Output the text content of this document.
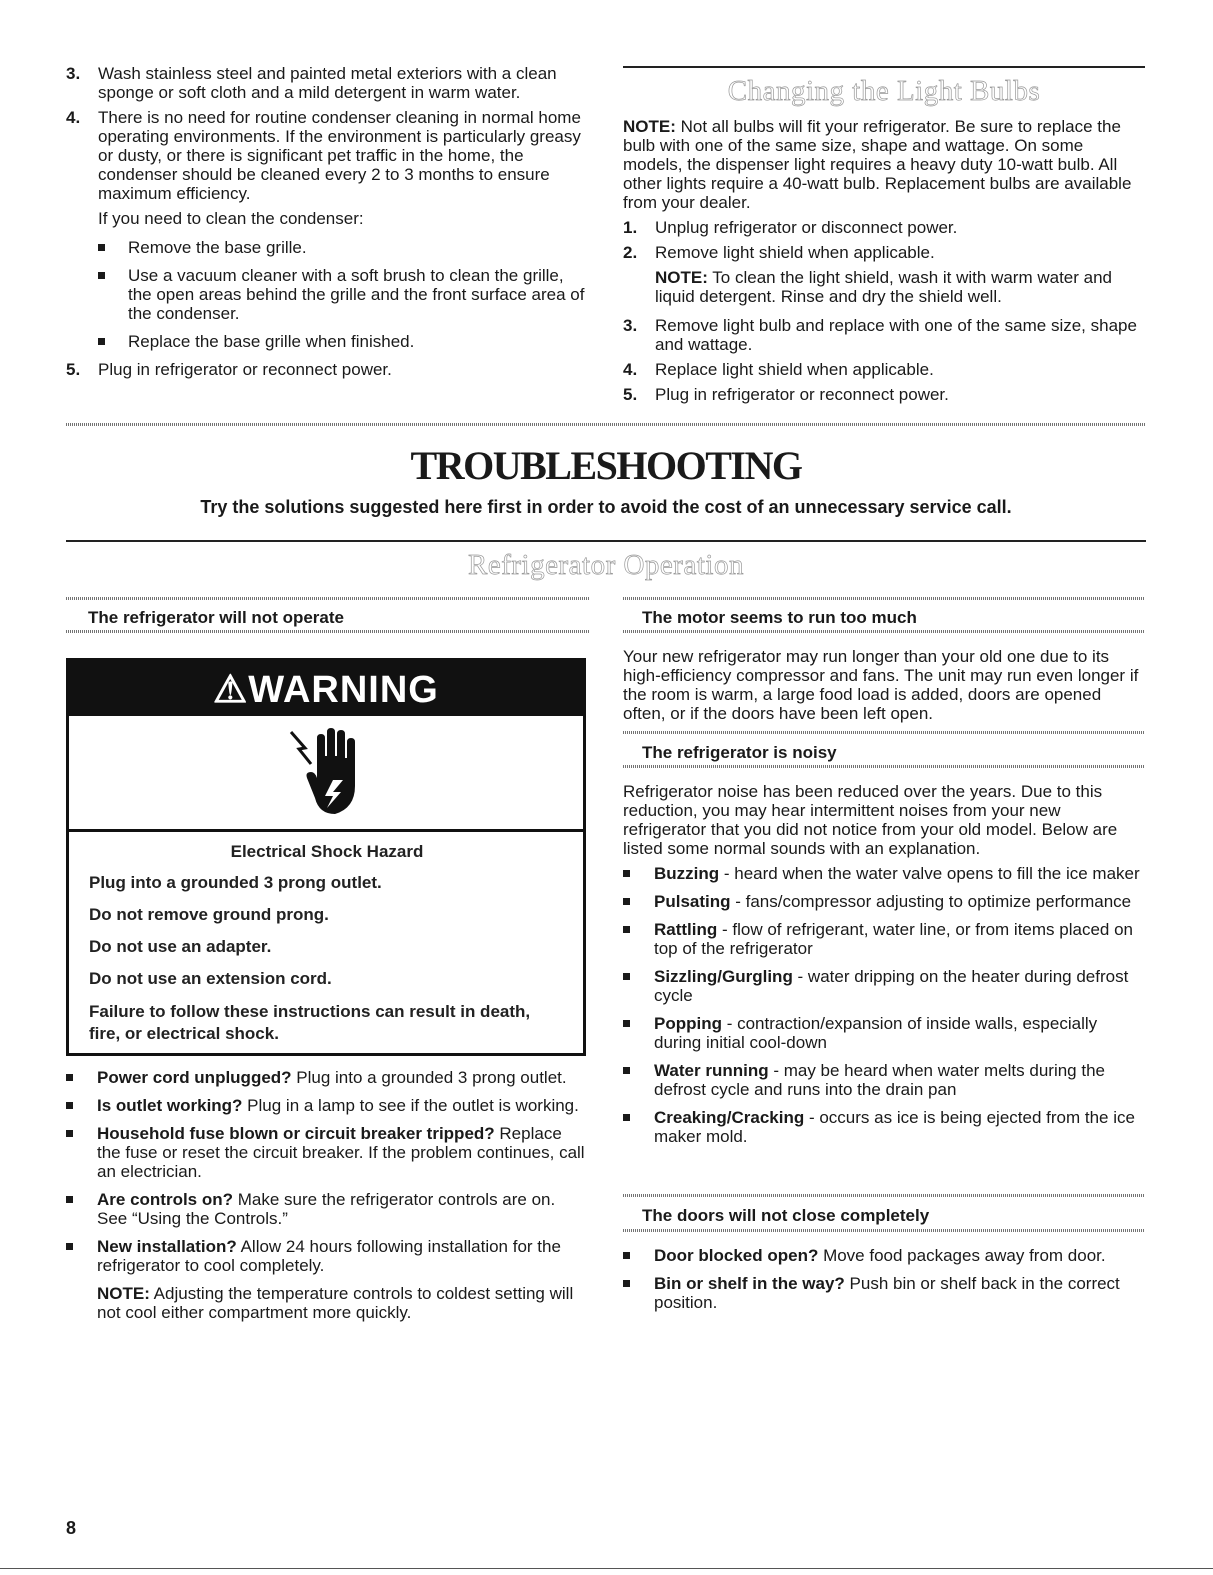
3. Wash stainless steel and painted metal exteriors with a clean sponge or soft cloth and a mild detergent in warm water.
4. There is no need for routine condenser cleaning in normal home operating environments. If the environment is particularly greasy or dusty, or there is significant pet traffic in the home, the condenser should be cleaned every 2 to 3 months to ensure maximum efficiency.

If you need to clean the condenser:

Remove the base grille.
Use a vacuum cleaner with a soft brush to clean the grille, the open areas behind the grille and the front surface area of the condenser.
Replace the base grille when finished.
5. Plug in refrigerator or reconnect power.
Changing the Light Bulbs

NOTE: Not all bulbs will fit your refrigerator. Be sure to replace the bulb with one of the same size, shape and wattage. On some models, the dispenser light requires a heavy duty 10-watt bulb. All other lights require a 40-watt bulb. Replacement bulbs are available from your dealer.

1. Unplug refrigerator or disconnect power.
2. Remove light shield when applicable.

NOTE: To clean the light shield, wash it with warm water and liquid detergent. Rinse and dry the shield well.

3. Remove light bulb and replace with one of the same size, shape and wattage.
4. Replace light shield when applicable.
5. Plug in refrigerator or reconnect power.
TROUBLESHOOTING
Try the solutions suggested here first in order to avoid the cost of an unnecessary service call.
Refrigerator Operation
The refrigerator will not operate
⚠WARNING
Electrical Shock Hazard
Plug into a grounded 3 prong outlet.
Do not remove ground prong.
Do not use an adapter.
Do not use an extension cord.
Failure to follow these instructions can result in death, fire, or electrical shock.
Power cord unplugged? Plug into a grounded 3 prong outlet.
Is outlet working? Plug in a lamp to see if the outlet is working.
Household fuse blown or circuit breaker tripped? Replace the fuse or reset the circuit breaker. If the problem continues, call an electrician.
Are controls on? Make sure the refrigerator controls are on. See “Using the Controls.”
New installation? Allow 24 hours following installation for the refrigerator to cool completely.

NOTE: Adjusting the temperature controls to coldest setting will not cool either compartment more quickly.

The motor seems to run too much
Your new refrigerator may run longer than your old one due to its high-efficiency compressor and fans. The unit may run even longer if the room is warm, a large food load is added, doors are opened often, or if the doors have been left open.
The refrigerator is noisy

Refrigerator noise has been reduced over the years. Due to this reduction, you may hear intermittent noises from your new refrigerator that you did not notice from your old model. Below are listed some normal sounds with an explanation.

Buzzing - heard when the water valve opens to fill the ice maker
Pulsating - fans/compressor adjusting to optimize performance
Rattling - flow of refrigerant, water line, or from items placed on top of the refrigerator
Sizzling/Gurgling - water dripping on the heater during defrost cycle
Popping - contraction/expansion of inside walls, especially during initial cool-down
Water running - may be heard when water melts during the defrost cycle and runs into the drain pan
Creaking/Cracking - occurs as ice is being ejected from the ice maker mold.
The doors will not close completely
Door blocked open? Move food packages away from door.
Bin or shelf in the way? Push bin or shelf back in the correct position.
8
